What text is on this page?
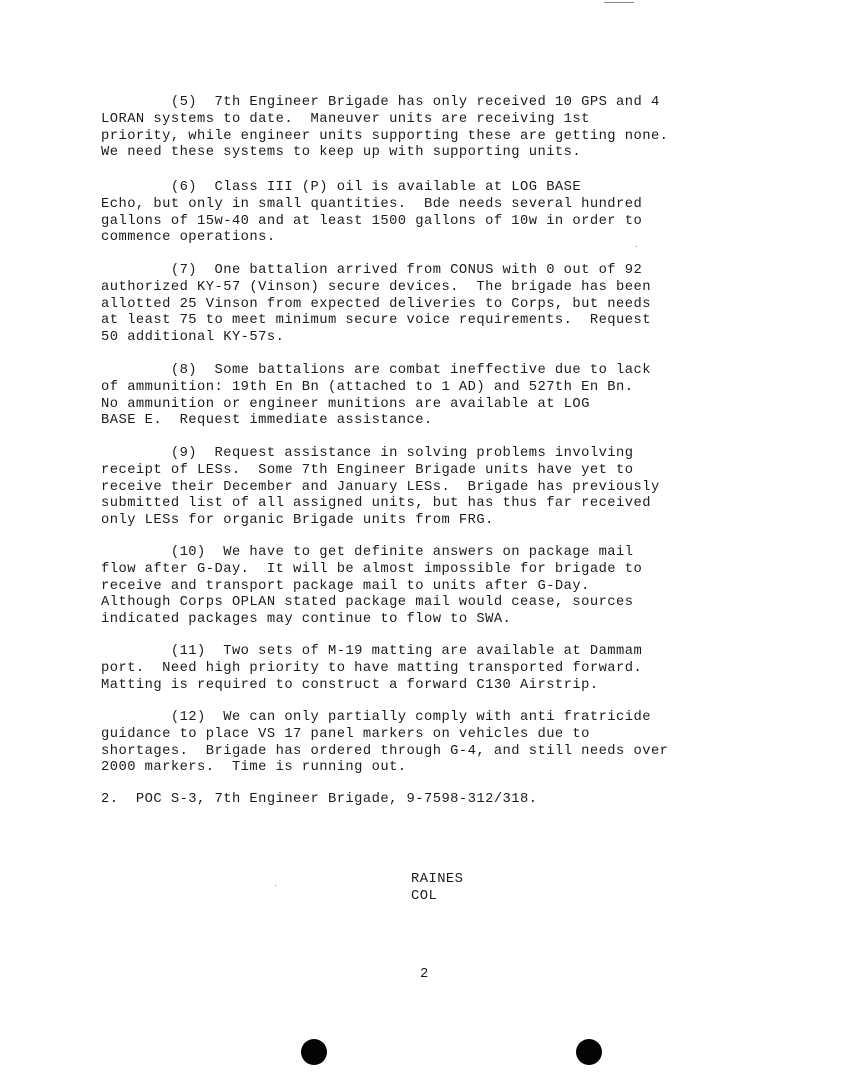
(5)  7th Engineer Brigade has only received 10 GPS and 4
LORAN systems to date.  Maneuver units are receiving 1st
priority, while engineer units supporting these are getting none.
We need these systems to keep up with supporting units.

(6)  Class III (P) oil is available at LOG BASE
Echo, but only in small quantities.  Bde needs several hundred
gallons of 15w-40 and at least 1500 gallons of 10w in order to
commence operations.

(7)  One battalion arrived from CONUS with 0 out of 92
authorized KY-57 (Vinson) secure devices.  The brigade has been
allotted 25 Vinson from expected deliveries to Corps, but needs
at least 75 to meet minimum secure voice requirements.  Request
50 additional KY-57s.

(8)  Some battalions are combat ineffective due to lack
of ammunition: 19th En Bn (attached to 1 AD) and 527th En Bn.
No ammunition or engineer munitions are available at LOG
BASE E.  Request immediate assistance.

(9)  Request assistance in solving problems involving
receipt of LESs.  Some 7th Engineer Brigade units have yet to
receive their December and January LESs.  Brigade has previously
submitted list of all assigned units, but has thus far received
only LESs for organic Brigade units from FRG.

(10)  We have to get definite answers on package mail
flow after G-Day.  It will be almost impossible for brigade to
receive and transport package mail to units after G-Day.
Although Corps OPLAN stated package mail would cease, sources
indicated packages may continue to flow to SWA.

(11)  Two sets of M-19 matting are available at Dammam
port.  Need high priority to have matting transported forward.
Matting is required to construct a forward C130 Airstrip.

(12)  We can only partially comply with anti fratricide
guidance to place VS 17 panel markers on vehicles due to
shortages.  Brigade has ordered through G-4, and still needs over
2000 markers.  Time is running out.

2.  POC S-3, 7th Engineer Brigade, 9-7598-312/318.

RAINES
COL

2
